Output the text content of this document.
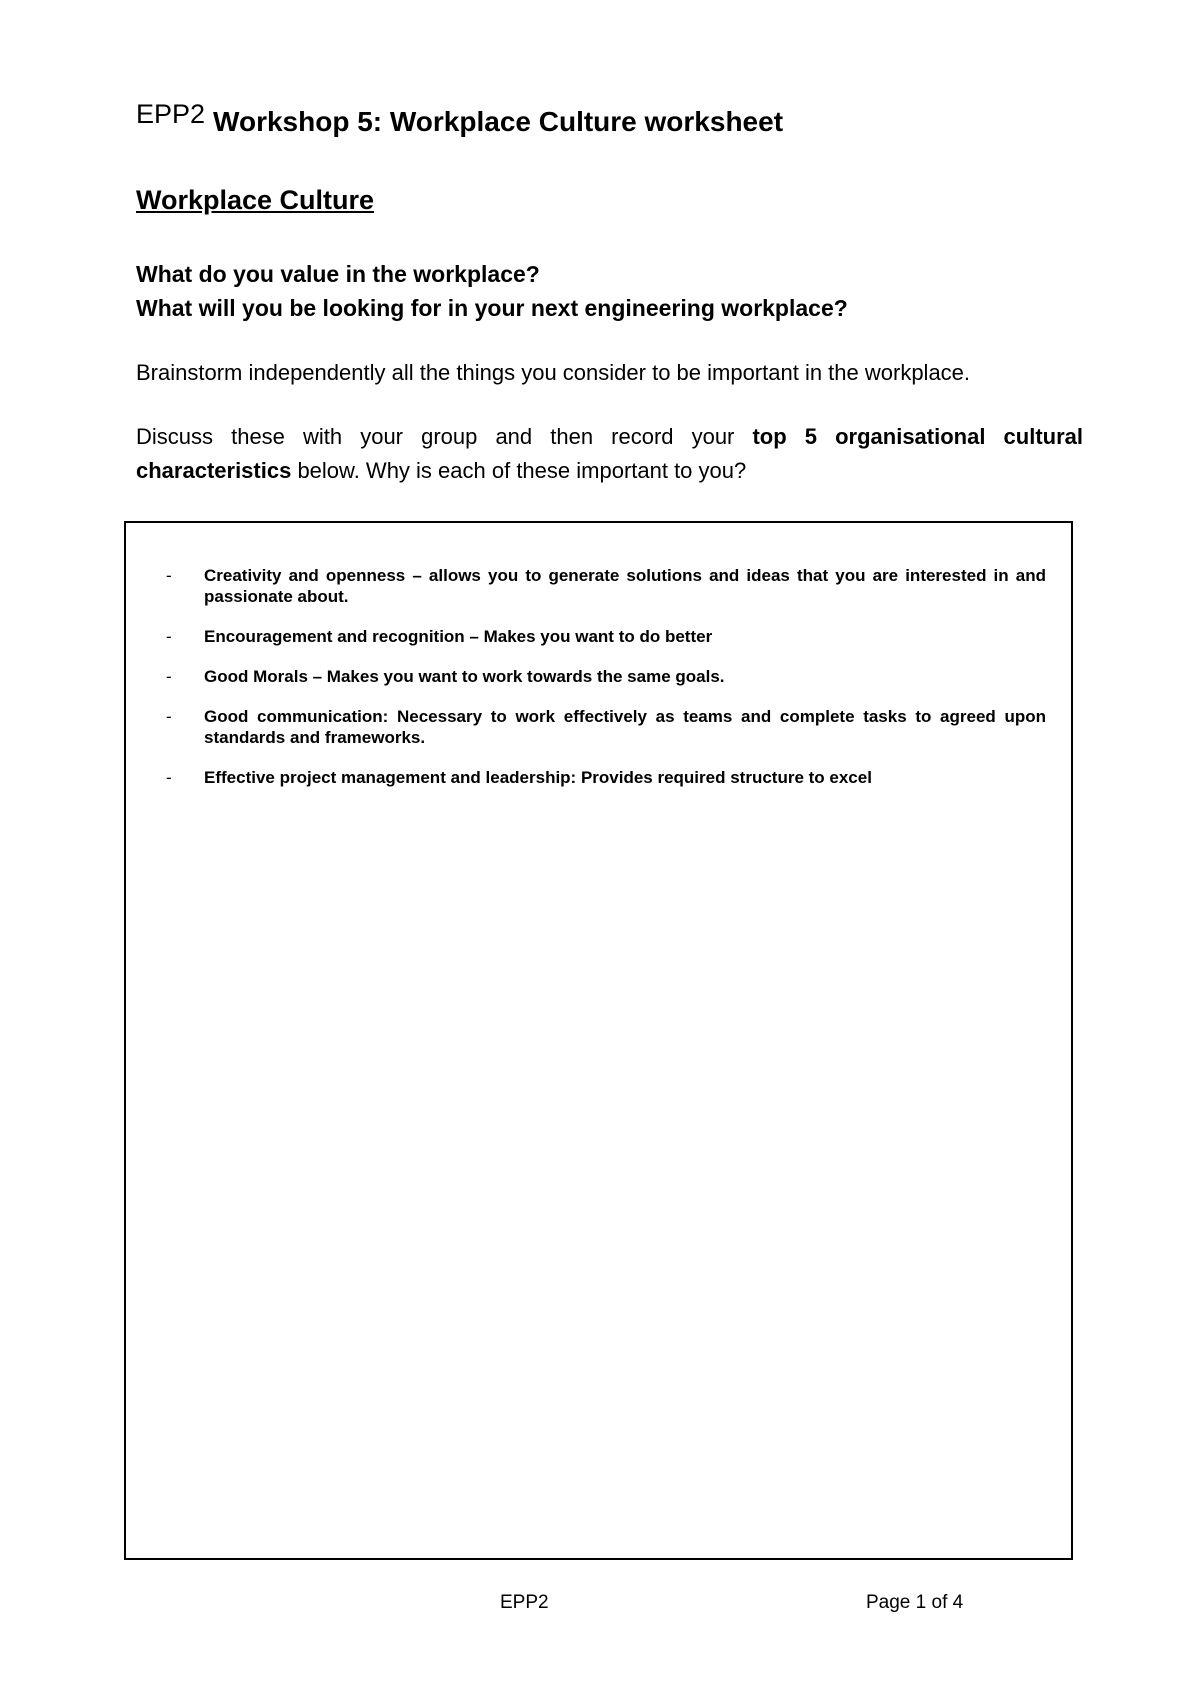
EPP2 Workshop 5: Workplace Culture worksheet
Workplace Culture
What do you value in the workplace?
What will you be looking for in your next engineering workplace?
Brainstorm independently all the things you consider to be important in the workplace.
Discuss these with your group and then record your top 5 organisational cultural characteristics below. Why is each of these important to you?
- Creativity and openness – allows you to generate solutions and ideas that you are interested in and passionate about.
- Encouragement and recognition – Makes you want to do better
- Good Morals – Makes you want to work towards the same goals.
- Good communication: Necessary to work effectively as teams and complete tasks to agreed upon standards and frameworks.
- Effective project management and leadership: Provides required structure to excel
EPP2	Page 1 of 4
